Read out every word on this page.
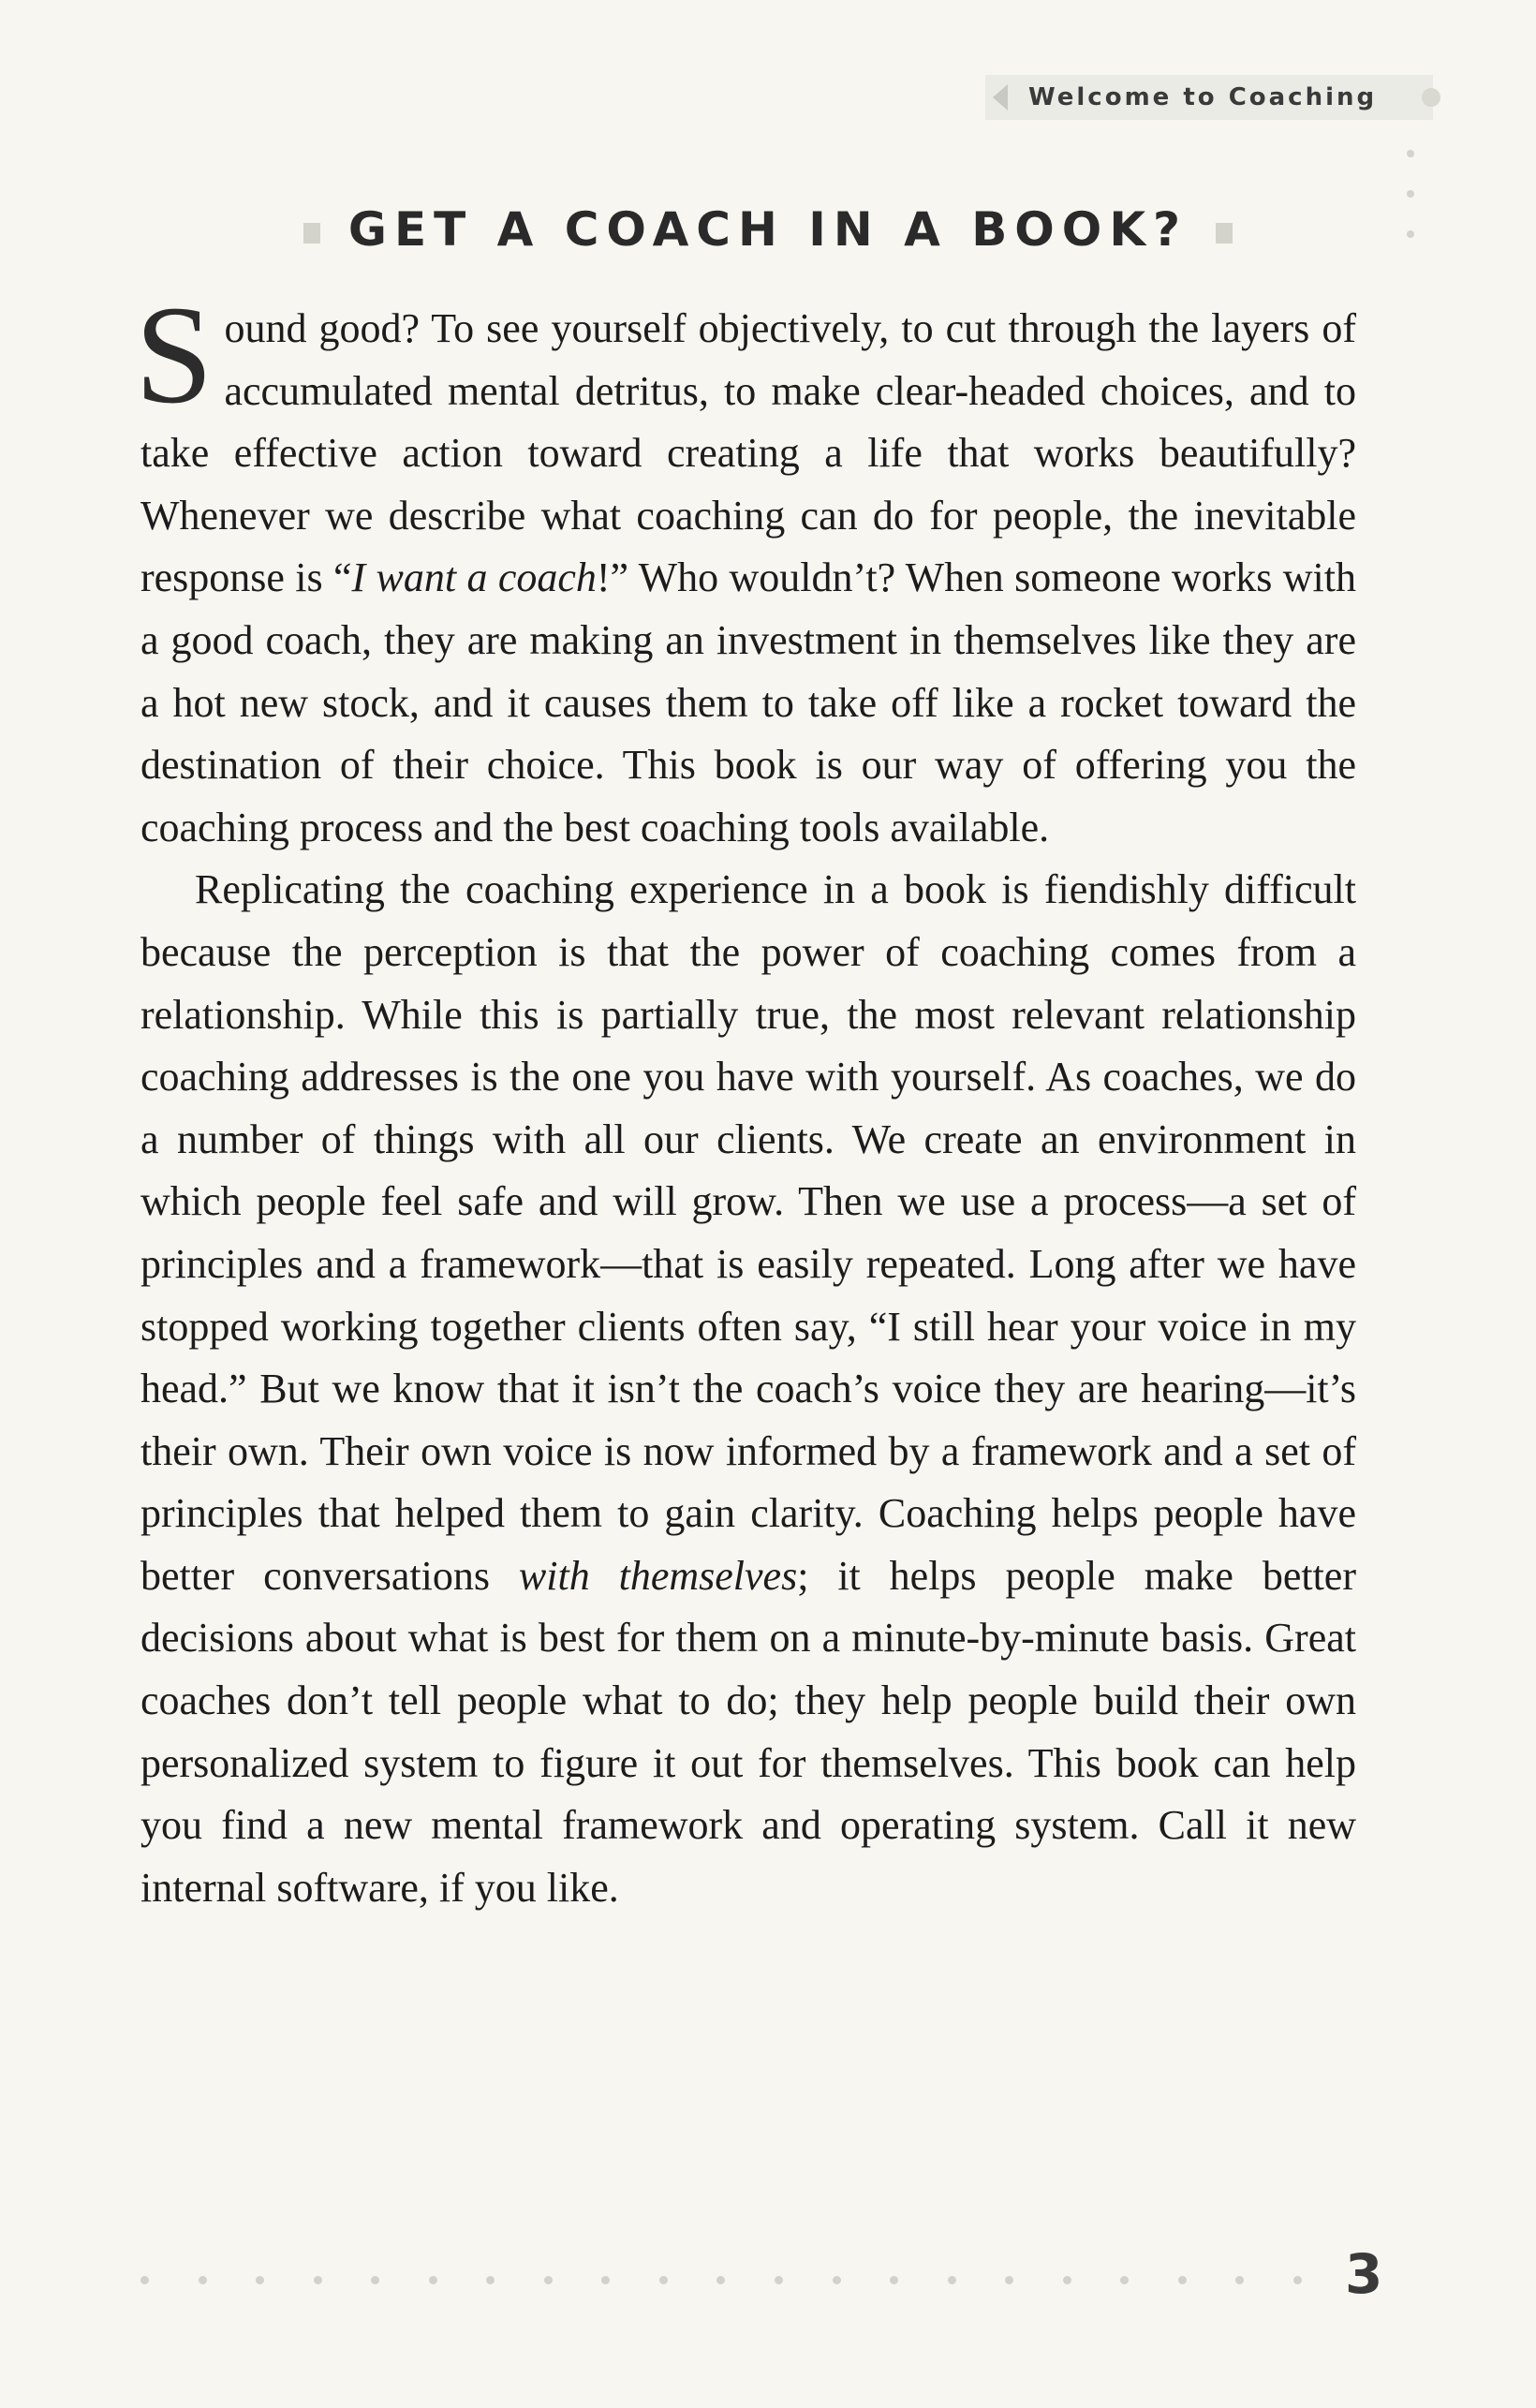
Welcome to Coaching
GET A COACH IN A BOOK?

Sound good? To see yourself objectively, to cut through the layers of accumulated mental detritus, to make clear-headed choices, and to take effective action toward creating a life that works beautifully? Whenever we describe what coaching can do for people, the inevitable response is “I want a coach!” Who wouldn’t? When someone works with a good coach, they are making an investment in themselves like they are a hot new stock, and it causes them to take off like a rocket toward the destination of their choice. This book is our way of offering you the coaching process and the best coaching tools available.

Replicating the coaching experience in a book is fiendishly difficult because the perception is that the power of coaching comes from a relationship. While this is partially true, the most relevant relationship coaching addresses is the one you have with yourself. As coaches, we do a number of things with all our clients. We create an environment in which people feel safe and will grow. Then we use a process—a set of principles and a framework—that is easily repeated. Long after we have stopped working together clients often say, “I still hear your voice in my head.” But we know that it isn’t the coach’s voice they are hearing—it’s their own. Their own voice is now informed by a framework and a set of principles that helped them to gain clarity. Coaching helps people have better conversations with themselves; it helps people make better decisions about what is best for them on a minute-by-minute basis. Great coaches don’t tell people what to do; they help people build their own personalized system to figure it out for themselves. This book can help you find a new mental framework and operating system. Call it new internal software, if you like.

3
